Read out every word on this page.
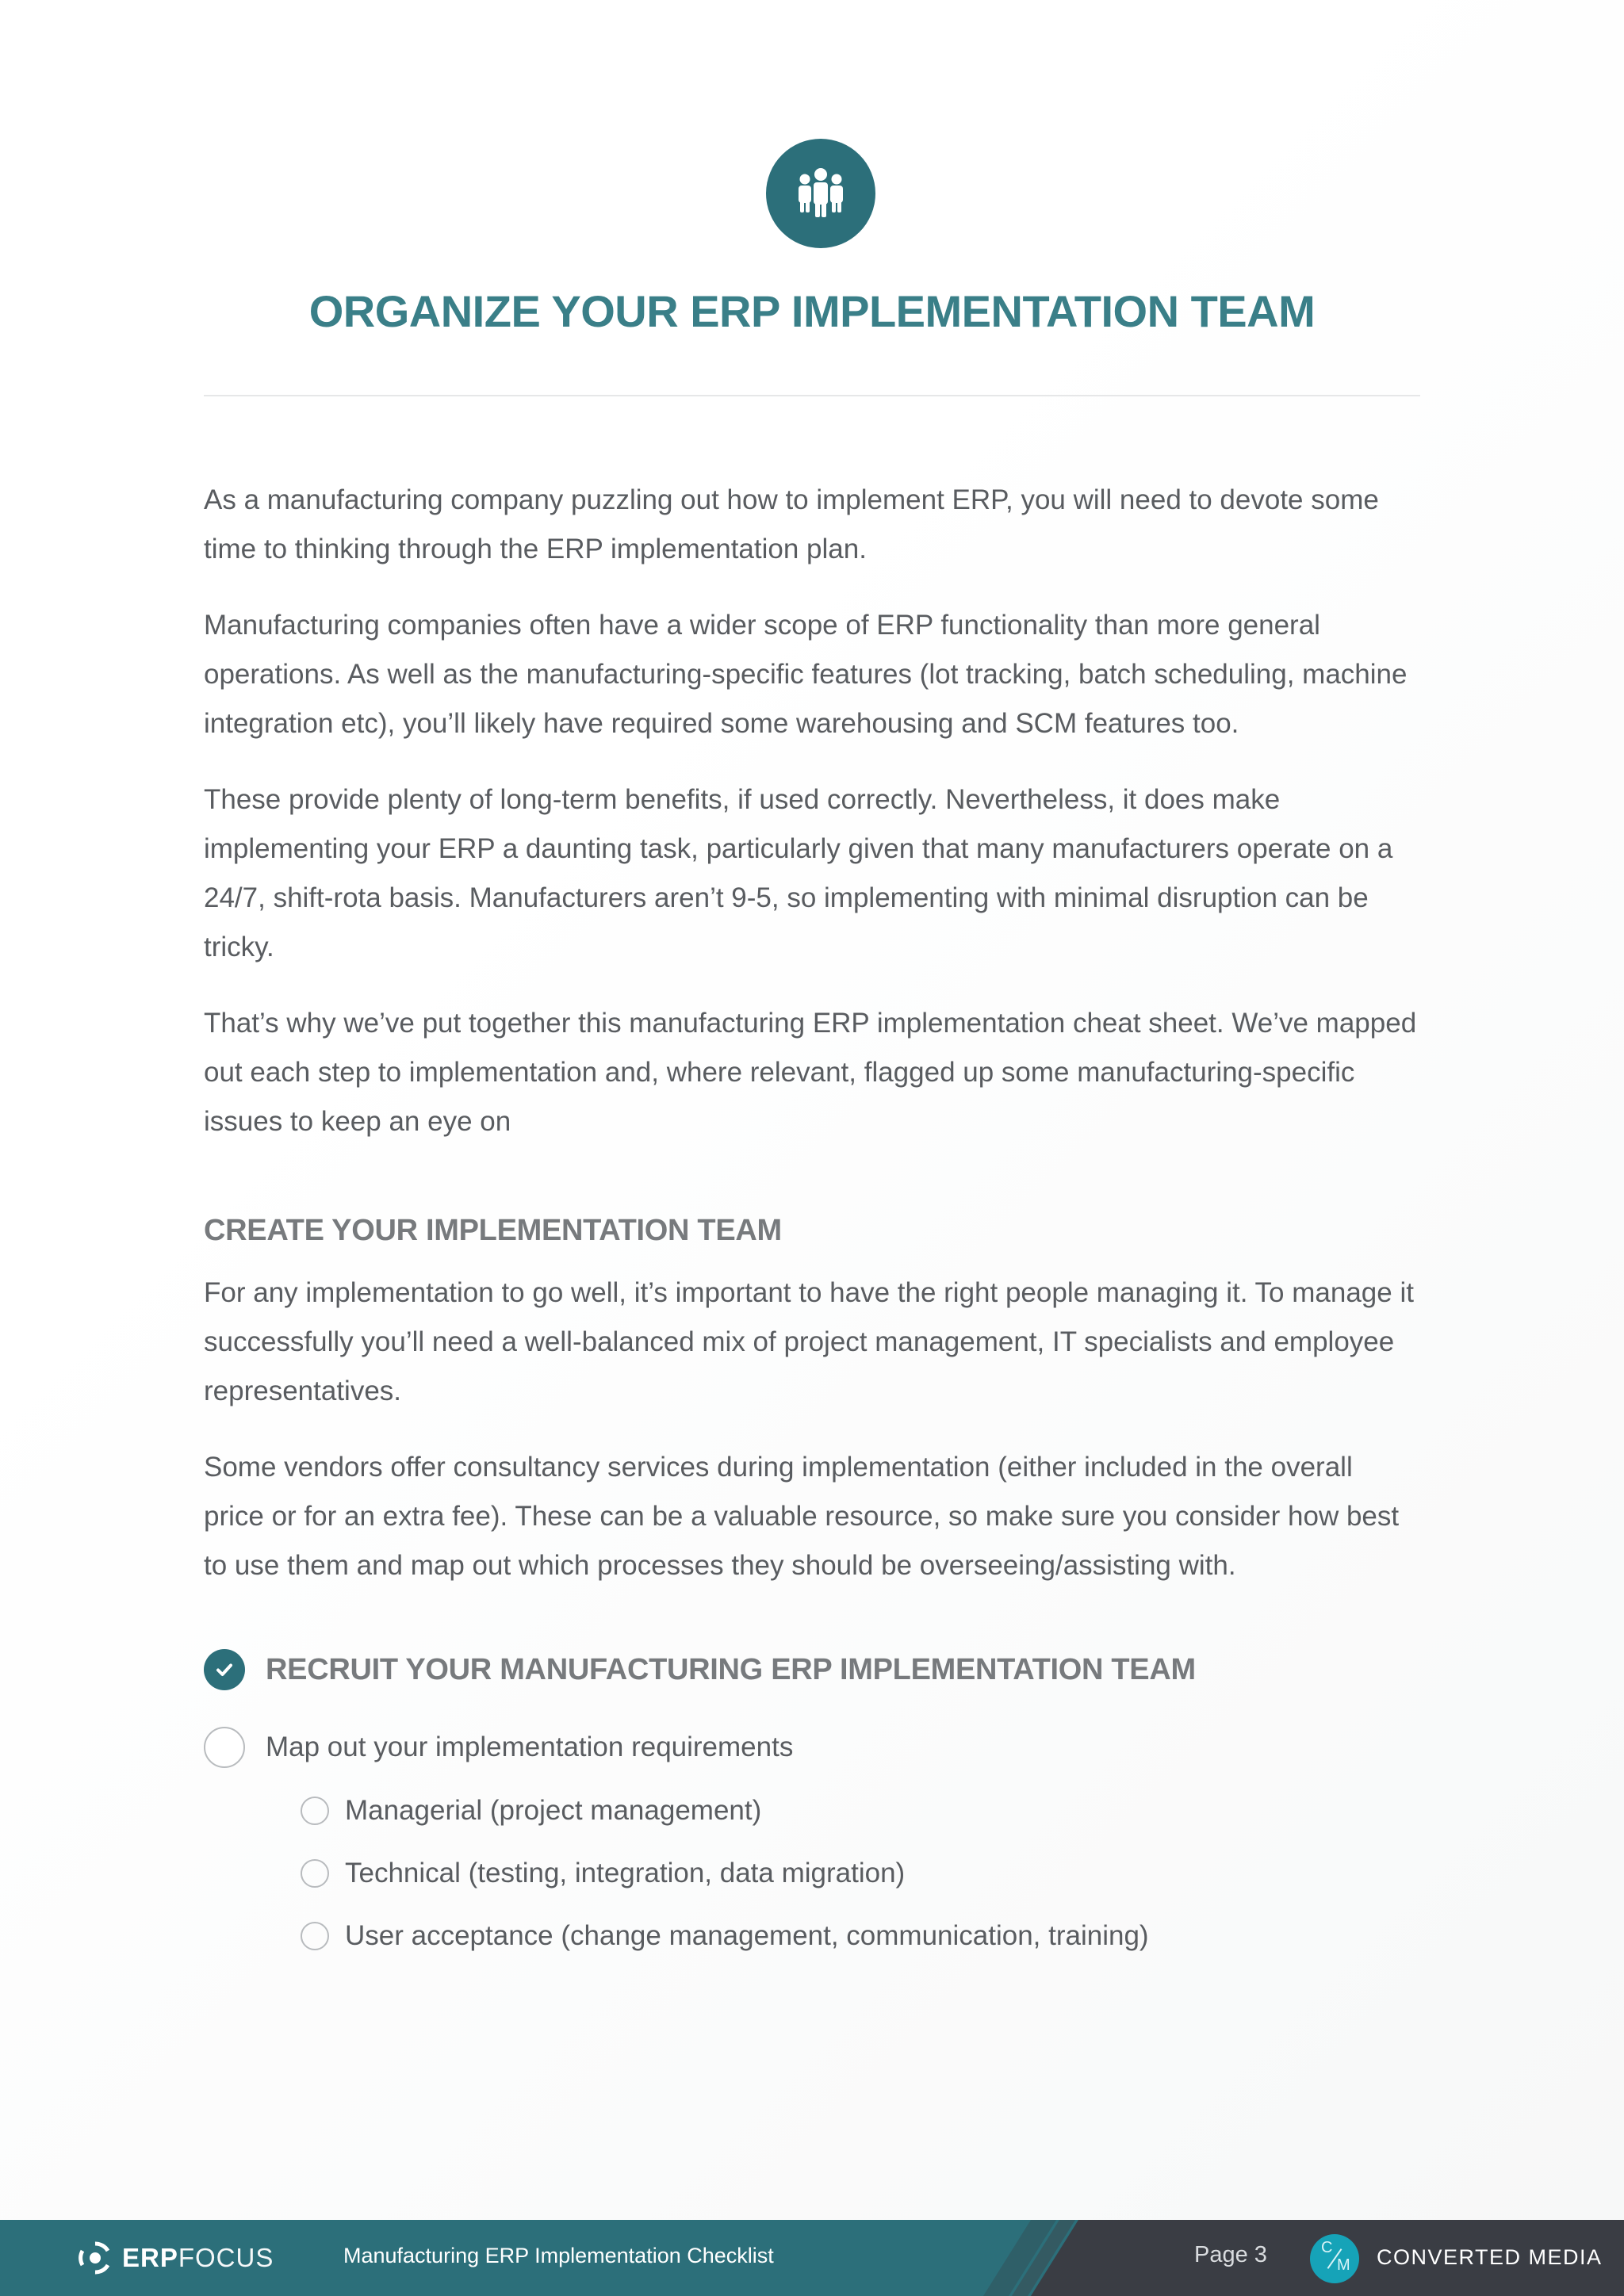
ORGANIZE YOUR ERP IMPLEMENTATION TEAM

As a manufacturing company puzzling out how to implement ERP, you will need to devote some time to thinking through the ERP implementation plan.

Manufacturing companies often have a wider scope of ERP functionality than more general operations. As well as the manufacturing-specific features (lot tracking, batch scheduling, machine integration etc), you’ll likely have required some warehousing and SCM features too.

These provide plenty of long-term benefits, if used correctly. Nevertheless, it does make implementing your ERP a daunting task, particularly given that many manufacturers operate on a 24/7, shift-rota basis. Manufacturers aren’t 9-5, so implementing with minimal disruption can be tricky.

That’s why we’ve put together this manufacturing ERP implementation cheat sheet. We’ve mapped out each step to implementation and, where relevant, flagged up some manufacturing-specific issues to keep an eye on

CREATE YOUR IMPLEMENTATION TEAM

For any implementation to go well, it’s important to have the right people managing it. To manage it successfully you’ll need a well-balanced mix of project management, IT specialists and employee representatives.

Some vendors offer consultancy services during implementation (either included in the overall price or for an extra fee). These can be a valuable resource, so make sure you consider how best to use them and map out which processes they should be overseeing/assisting with.

RECRUIT YOUR MANUFACTURING ERP IMPLEMENTATION TEAM
Map out your implementation requirements
Managerial (project management)
Technical (testing, integration, data migration)
User acceptance (change management, communication, training)
ERP FOCUS	Manufacturing ERP Implementation Checklist	Page 3	C
M CONVERTED MEDIA
